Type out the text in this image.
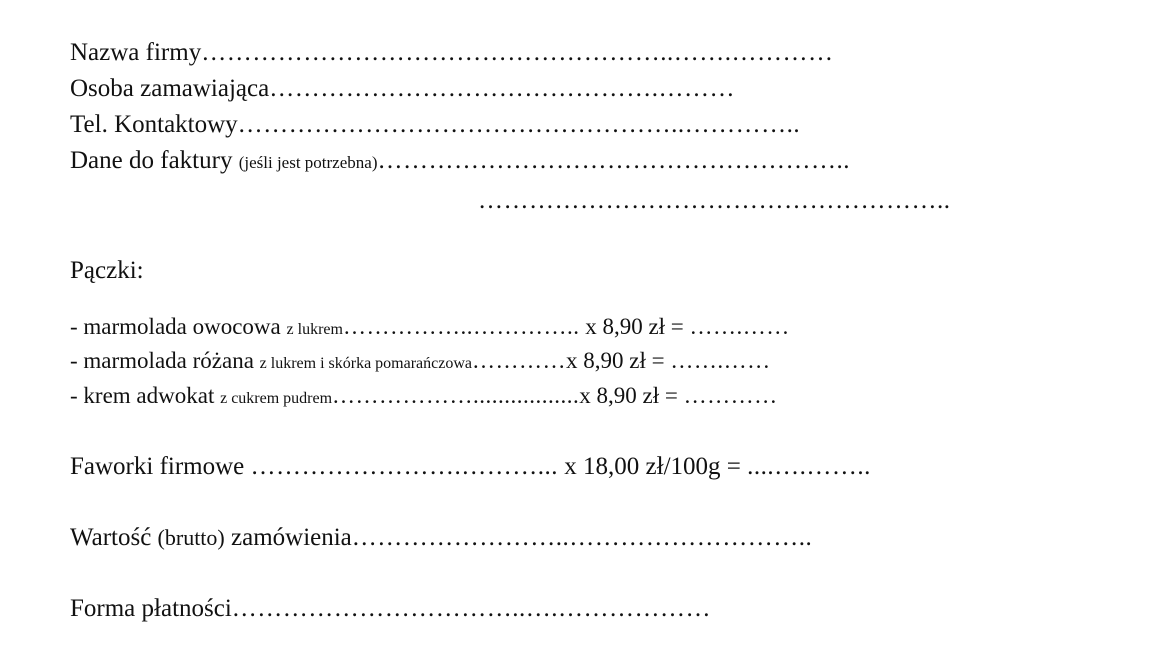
Nazwa firmy………………………………………………..…….…………
Osoba zamawiająca……………………………………….………
Tel. Kontaktowy……………………………………………..…………..
Dane do faktury (jeśli jest potrzebna)………………………………………………..
………………………………………………..
Pączki:
- marmolada owocowa z lukrem……………..………….. x 8,90 zł = …….……
- marmolada różana z lukrem i skórka pomarańczowa…………x 8,90 zł = …….……
- krem adwokat z cukrem pudrem……………….................x 8,90 zł = …………
Faworki firmowe …………………….………... x 18,00 zł/100g = ....….……..
Wartość (brutto) zamówienia……………………..………………………..
Forma płatności……………………………..….………………
